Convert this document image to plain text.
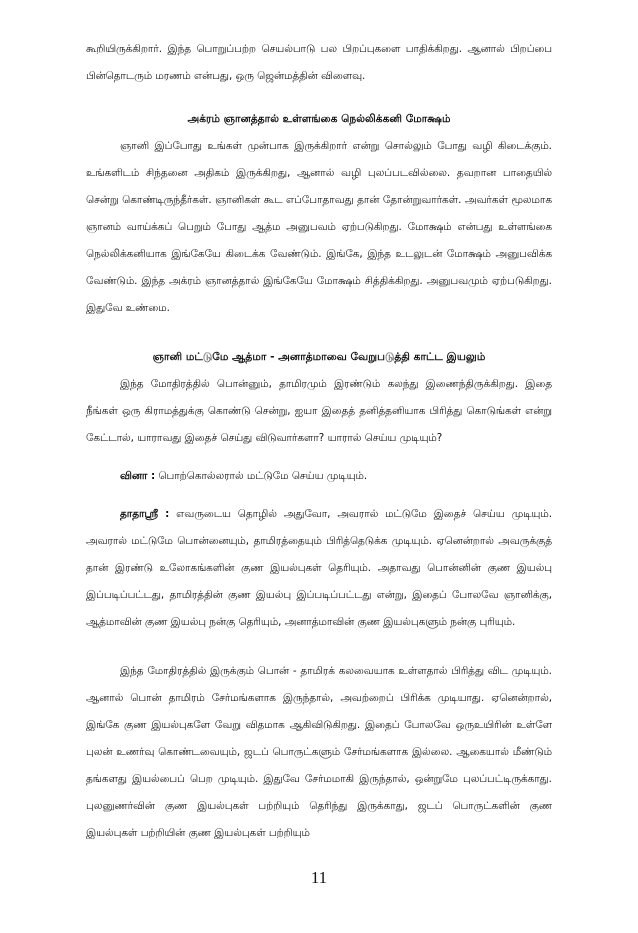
கூறியிருக்கிறார். இந்த பொறுப்பற்ற செயல்பாடு பல பிறப்புகளை பாதிக்கிறது. ஆனால் பிறப்பை பின்தொடரும் மரணம் என்பது, ஒரு ஜென்மத்தின் விளைவு.

அக்ரம் ஞானத்தால் உள்ளங்கை நெல்லிக்கனி மோக்ஷம்

ஞானி இப்போது உங்கள் முன்பாக இருக்கிறார் என்று சொல்லும் போது வழி கிடைக்கும். உங்களிடம் சிந்தனை அதிகம் இருக்கிறது, ஆனால் வழி புலப்படவில்லை. தவறான பாதையில் சென்று கொண்டிருந்தீர்கள். ஞானிகள் கூட எப்போதாவது தான் தோன்றுவார்கள். அவர்கள் மூலமாக ஞானம் வாய்க்கப் பெறும் போது ஆத்ம அனுபவம் ஏற்படுகிறது. மோக்ஷம் என்பது உள்ளங்கை நெல்லிக்கனியாக இங்கேயே கிடைக்க வேண்டும். இங்கே, இந்த உடலுடன் மோக்ஷம் அனுபவிக்க வேண்டும். இந்த அக்ரம் ஞானத்தால் இங்கேயே மோக்ஷம் சித்திக்கிறது. அனுபவமும் ஏற்படுகிறது. இதுவே உண்மை.

ஞானி மட்டுமே ஆத்மா - அனாத்மாவை வேறுபடுத்தி காட்ட இயலும்

இந்த மோதிரத்தில் பொன்னும், தாமிரமும் இரண்டும் கலந்து இணைந்திருக்கிறது. இதை நீங்கள் ஒரு கிராமத்துக்கு கொண்டு சென்று, ஐயா இதைத் தனித்தனியாக பிரித்து கொடுங்கள் என்று கேட்டால், யாராவது இதைச் செய்து விடுவார்களா? யாரால் செய்ய முடியும்?

வினா : பொற்கொல்லரால் மட்டுமே செய்ய முடியும்.

தாதாஸ்ரீ : எவருடைய தொழில் அதுவோ, அவரால் மட்டுமே இதைச் செய்ய முடியும். அவரால் மட்டுமே பொன்னையும், தாமிரத்தையும் பிரித்தெடுக்க முடியும். ஏனென்றால் அவருக்குத் தான் இரண்டு உலோகங்களின் குண இயல்புகள் தெரியும். அதாவது பொன்னின் குண இயல்பு இப்படிப்பட்டது, தாமிரத்தின் குண இயல்பு இப்படிப்பட்டது என்று, இதைப் போலவே ஞானிக்கு, ஆத்மாவின் குண இயல்பு நன்கு தெரியும், அனாத்மாவின் குண இயல்புகளும் நன்கு புரியும்.

இந்த மோதிரத்தில் இருக்கும் பொன் - தாமிரக் கலவையாக உள்ளதால் பிரித்து விட முடியும். ஆனால் பொன் தாமிரம் சேர்மங்களாக இருந்தால், அவற்றைப் பிரிக்க முடியாது. ஏனென்றால், இங்கே குண இயல்புகளே வேறு விதமாக ஆகிவிடுகிறது. இதைப் போலவே ஒருஉயிரின் உள்ளே புலன் உணர்வு கொண்டவையும், ஜடப் பொருட்களும் சேர்மங்களாக இல்லை. ஆகையால் மீண்டும் தங்களது இயல்பைப் பெற முடியும். இதுவே சேர்மமாகி இருந்தால், ஒன்றுமே புலப்பட்டிருக்காது. புலனுணர்வின் குண இயல்புகள் பற்றியும் தெரிந்து இருக்காது, ஜடப் பொருட்களின் குண இயல்புகள் பற்றியின் குண இயல்புகள் பற்றியும்

11
